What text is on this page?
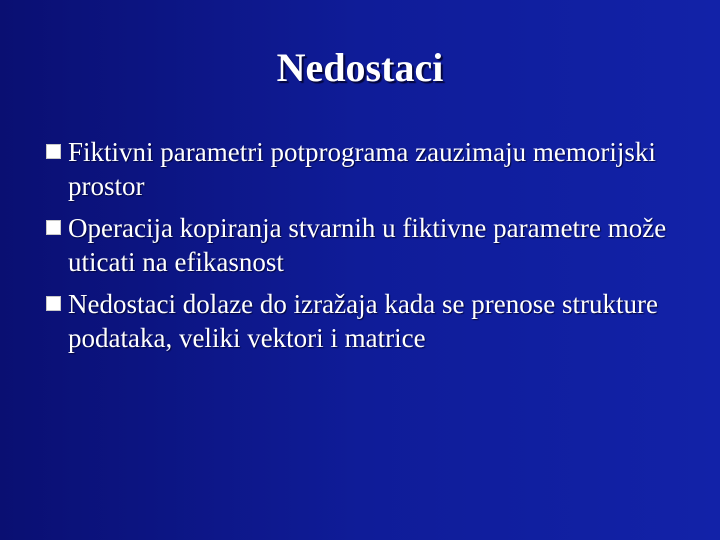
Nedostaci
Fiktivni parametri potprograma zauzimaju memorijski prostor
Operacija kopiranja stvarnih u fiktivne parametre može uticati na efikasnost
Nedostaci dolaze do izražaja kada se prenose strukture podataka, veliki vektori i matrice
